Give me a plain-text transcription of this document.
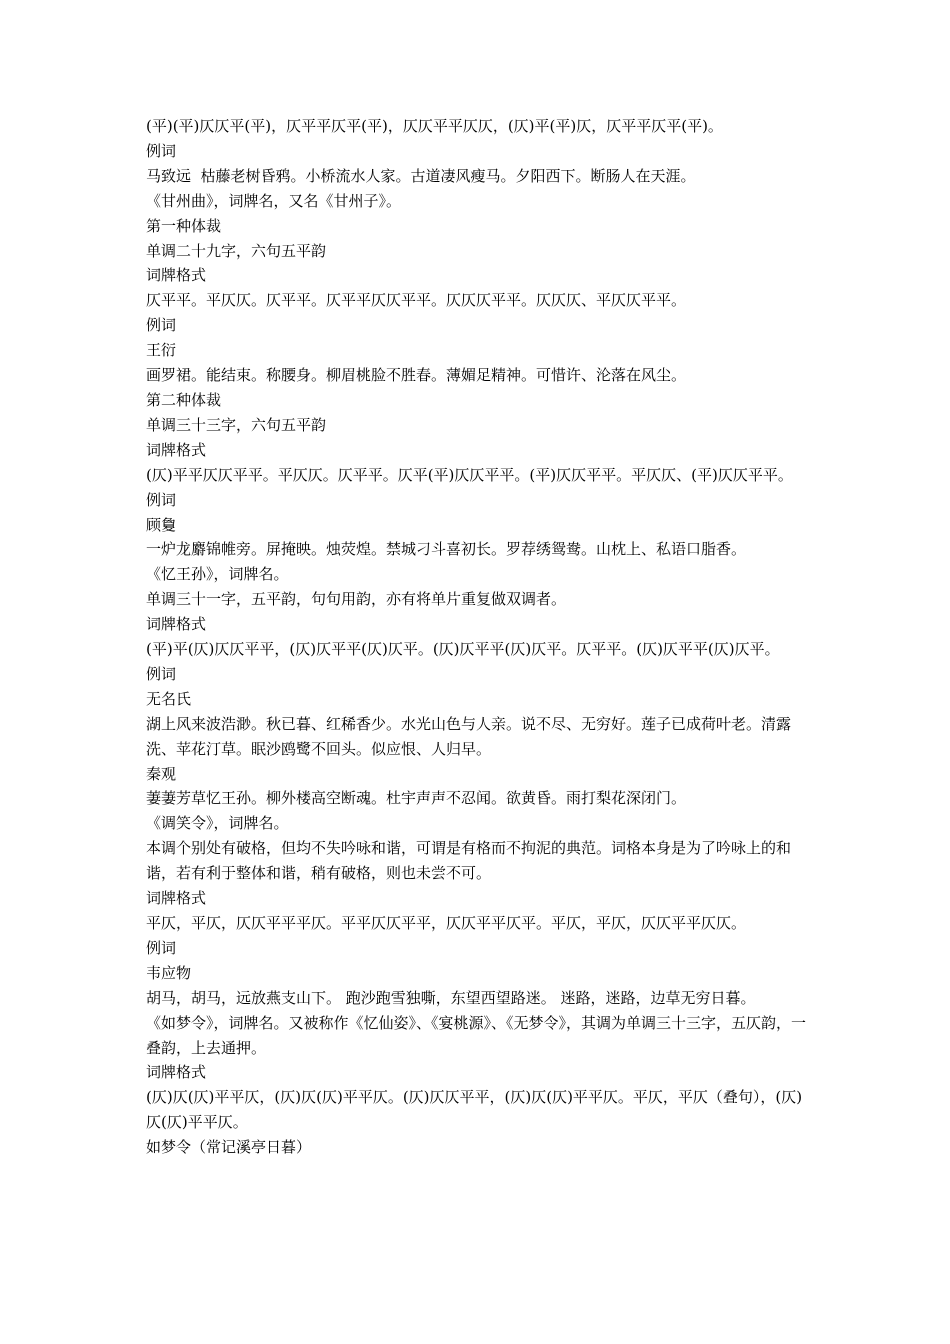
(平)(平)仄仄平(平)，仄平平仄平(平)，仄仄平平仄仄，(仄)平(平)仄，仄平平仄平(平)。

例词

马致远  枯藤老树昏鸦。小桥流水人家。古道凄风瘦马。夕阳西下。断肠人在天涯。

《甘州曲》，词牌名，又名《甘州子》。

第一种体裁

单调二十九字，六句五平韵

词牌格式

仄平平。平仄仄。仄平平。仄平平仄仄平平。仄仄仄平平。仄仄仄、平仄仄平平。

例词

王衍

画罗裙。能结束。称腰身。柳眉桃脸不胜春。薄媚足精神。可惜许、沦落在风尘。

第二种体裁

单调三十三字，六句五平韵

词牌格式

(仄)平平仄仄平平。平仄仄。仄平平。仄平(平)仄仄平平。(平)仄仄平平。平仄仄、(平)仄仄平平。

例词

顾敻

一炉龙麝锦帷旁。屏掩映。烛荧煌。禁城刁斗喜初长。罗荐绣鸳鸯。山枕上、私语口脂香。

《忆王孙》，词牌名。

单调三十一字，五平韵，句句用韵，亦有将单片重复做双调者。

词牌格式

(平)平(仄)仄仄平平，(仄)仄平平(仄)仄平。(仄)仄平平(仄)仄平。仄平平。(仄)仄平平(仄)仄平。

例词

无名氏

湖上风来波浩渺。秋已暮、红稀香少。水光山色与人亲。说不尽、无穷好。莲子已成荷叶老。清露洗、苹花汀草。眠沙鸥鹭不回头。似应恨、人归早。

秦观

萋萋芳草忆王孙。柳外楼高空断魂。杜宇声声不忍闻。欲黄昏。雨打梨花深闭门。

《调笑令》，词牌名。

本调个别处有破格，但均不失吟咏和谐，可谓是有格而不拘泥的典范。词格本身是为了吟咏上的和谐，若有利于整体和谐，稍有破格，则也未尝不可。

词牌格式

平仄，平仄，仄仄平平平仄。平平仄仄平平，仄仄平平仄平。平仄，平仄，仄仄平平仄仄。

例词

韦应物

胡马，胡马，远放燕支山下。 跑沙跑雪独嘶，东望西望路迷。 迷路，迷路，边草无穷日暮。

《如梦令》，词牌名。又被称作《忆仙姿》、《宴桃源》、《无梦令》，其调为单调三十三字，五仄韵，一叠韵，上去通押。

词牌格式

(仄)仄(仄)平平仄，(仄)仄(仄)平平仄。(仄)仄仄平平，(仄)仄(仄)平平仄。平仄，平仄（叠句），(仄)仄(仄)平平仄。

如梦令（常记溪亭日暮）
